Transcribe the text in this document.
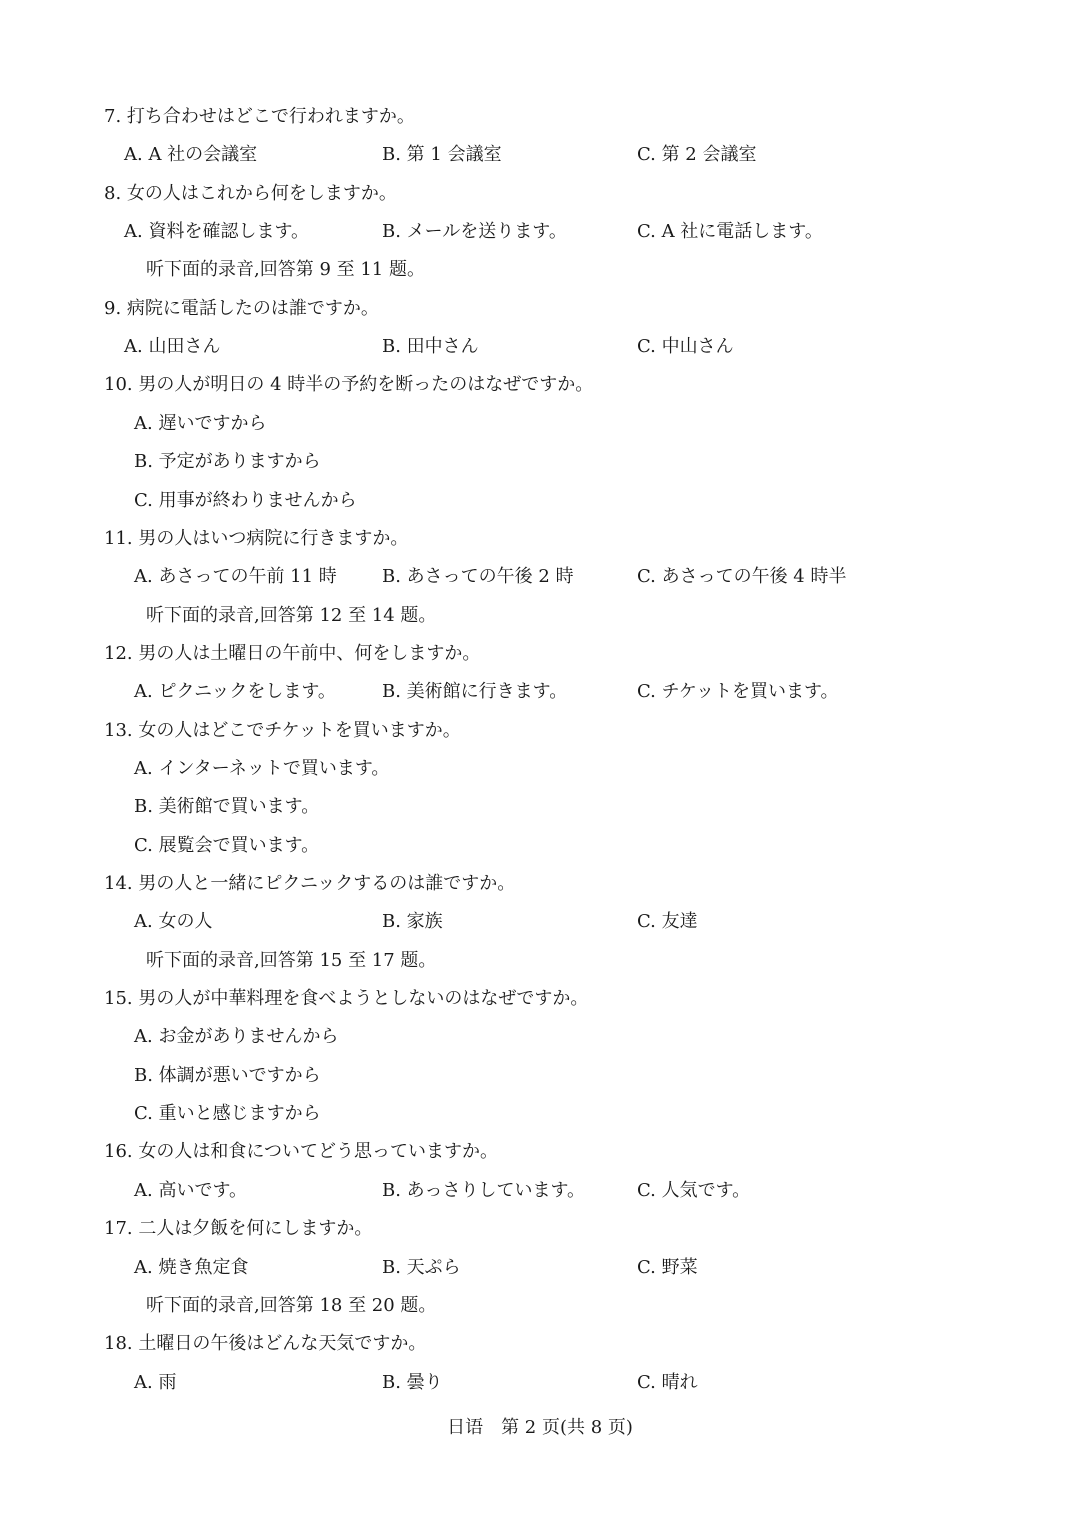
7. 打ち合わせはどこで行われますか。
A. A 社の会議室	B. 第 1 会議室	C. 第 2 会議室
8. 女の人はこれから何をしますか。
A. 資料を確認します。	B. メールを送ります。	C. A 社に電話します。
听下面的录音,回答第 9 至 11 题。
9. 病院に電話したのは誰ですか。
A. 山田さん	B. 田中さん	C. 中山さん
10. 男の人が明日の 4 時半の予約を断ったのはなぜですか。
A. 遅いですから
B. 予定がありますから
C. 用事が終わりませんから
11. 男の人はいつ病院に行きますか。
A. あさっての午前 11 時	B. あさっての午後 2 時	C. あさっての午後 4 時半
听下面的录音,回答第 12 至 14 题。
12. 男の人は土曜日の午前中、何をしますか。
A. ピクニックをします。	B. 美術館に行きます。	C. チケットを買います。
13. 女の人はどこでチケットを買いますか。
A. インターネットで買います。
B. 美術館で買います。
C. 展覧会で買います。
14. 男の人と一緒にピクニックするのは誰ですか。
A. 女の人	B. 家族	C. 友達
听下面的录音,回答第 15 至 17 题。
15. 男の人が中華料理を食べようとしないのはなぜですか。
A. お金がありませんから
B. 体調が悪いですから
C. 重いと感じますから
16. 女の人は和食についてどう思っていますか。
A. 高いです。	B. あっさりしています。	C. 人気です。
17. 二人は夕飯を何にしますか。
A. 焼き魚定食	B. 天ぷら	C. 野菜
听下面的录音,回答第 18 至 20 题。
18. 土曜日の午後はどんな天気ですか。
A. 雨	B. 曇り	C. 晴れ
日语　第 2 页(共 8 页)
